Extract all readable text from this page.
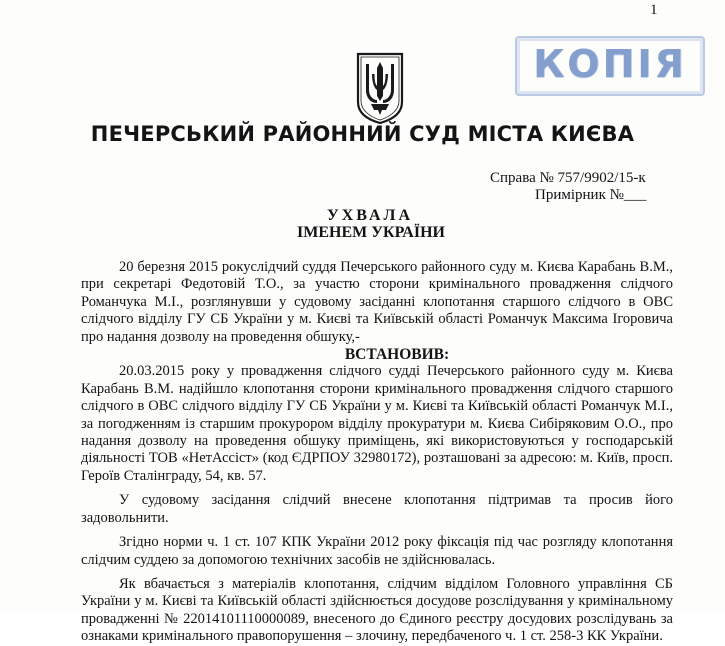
1
КОПІЯ
ПЕЧЕРСЬКИЙ РАЙОННИЙ СУД МІСТА КИЄВА
Справа № 757/9902/15-к
Примірник №___
УХВАЛА
ІМЕНЕМ УКРАЇНИ

20 березня 2015 рокуслідчий суддя Печерського районного суду м. Києва Карабань В.М., при секретарі Федотовій Т.О., за участю сторони кримінального провадження слідчого Романчука М.І., розглянувши у судовому засіданні клопотання старшого слідчого в ОВС слідчого відділу ГУ СБ України у м. Києві та Київській області Романчук Максима Ігоровича про надання дозволу на проведення обшуку,-

ВСТАНОВИВ:

20.03.2015 року у провадження слідчого судді Печерського районного суду м. Києва Карабань В.М. надійшло клопотання сторони кримінального провадження слідчого старшого слідчого в ОВС слідчого відділу ГУ СБ України у м. Києві та Київській області Романчук М.І., за погодженням із старшим прокурором відділу прокуратури м. Києва Сибіряковим О.О., про надання дозволу на проведення обшуку приміщень, які використовуються у господарській діяльності ТОВ «НетАссіст» (код ЄДРПОУ 32980172), розташовані за адресою: м. Київ, просп. Героїв Сталінграду, 54, кв. 57.

У судовому засідання слідчий внесене клопотання підтримав та просив його задовольнити.

Згідно норми ч. 1 ст. 107 КПК України 2012 року фіксація під час розгляду клопотання слідчим суддею за допомогою технічних засобів не здійснювалась.

Як вбачається з матеріалів клопотання, слідчим відділом Головного управління СБ України у м. Києві та Київській області здійснюється досудове розслідування у кримінальному провадженні № 22014101110000089, внесеного до Єдиного реєстру досудових розслідувань за ознаками кримінального правопорушення – злочину, передбаченого ч. 1 ст. 258-3 КК України.
